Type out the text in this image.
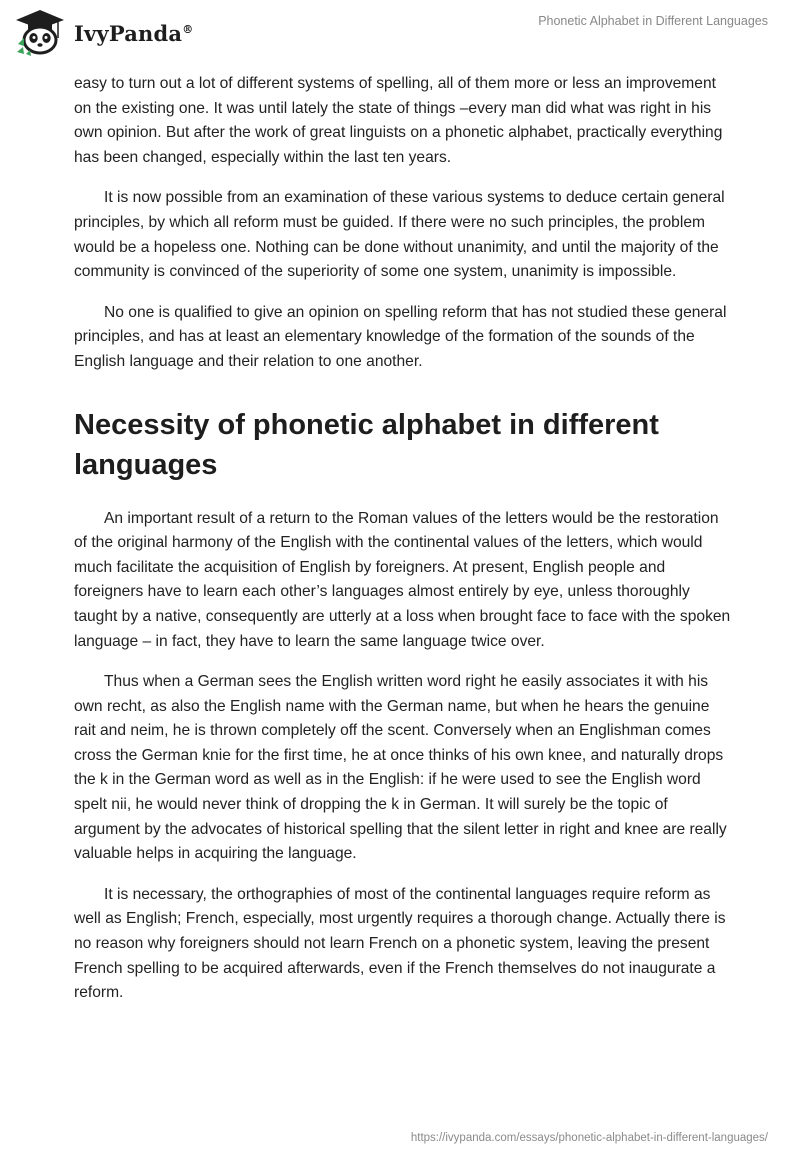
IvyPanda®
Phonetic Alphabet in Different Languages

easy to turn out a lot of different systems of spelling, all of them more or less an improvement on the existing one. It was until lately the state of things –every man did what was right in his own opinion. But after the work of great linguists on a phonetic alphabet, practically everything has been changed, especially within the last ten years.

It is now possible from an examination of these various systems to deduce certain general principles, by which all reform must be guided. If there were no such principles, the problem would be a hopeless one. Nothing can be done without unanimity, and until the majority of the community is convinced of the superiority of some one system, unanimity is impossible.

No one is qualified to give an opinion on spelling reform that has not studied these general principles, and has at least an elementary knowledge of the formation of the sounds of the English language and their relation to one another.

Necessity of phonetic alphabet in different languages

An important result of a return to the Roman values of the letters would be the restoration of the original harmony of the English with the continental values of the letters, which would much facilitate the acquisition of English by foreigners. At present, English people and foreigners have to learn each other’s languages almost entirely by eye, unless thoroughly taught by a native, consequently are utterly at a loss when brought face to face with the spoken language – in fact, they have to learn the same language twice over.

Thus when a German sees the English written word right he easily associates it with his own recht, as also the English name with the German name, but when he hears the genuine rait and neim, he is thrown completely off the scent. Conversely when an Englishman comes cross the German knie for the first time, he at once thinks of his own knee, and naturally drops the k in the German word as well as in the English: if he were used to see the English word spelt nii, he would never think of dropping the k in German. It will surely be the topic of argument by the advocates of historical spelling that the silent letter in right and knee are really valuable helps in acquiring the language.

It is necessary, the orthographies of most of the continental languages require reform as well as English; French, especially, most urgently requires a thorough change. Actually there is no reason why foreigners should not learn French on a phonetic system, leaving the present French spelling to be acquired afterwards, even if the French themselves do not inaugurate a reform.

https://ivypanda.com/essays/phonetic-alphabet-in-different-languages/
